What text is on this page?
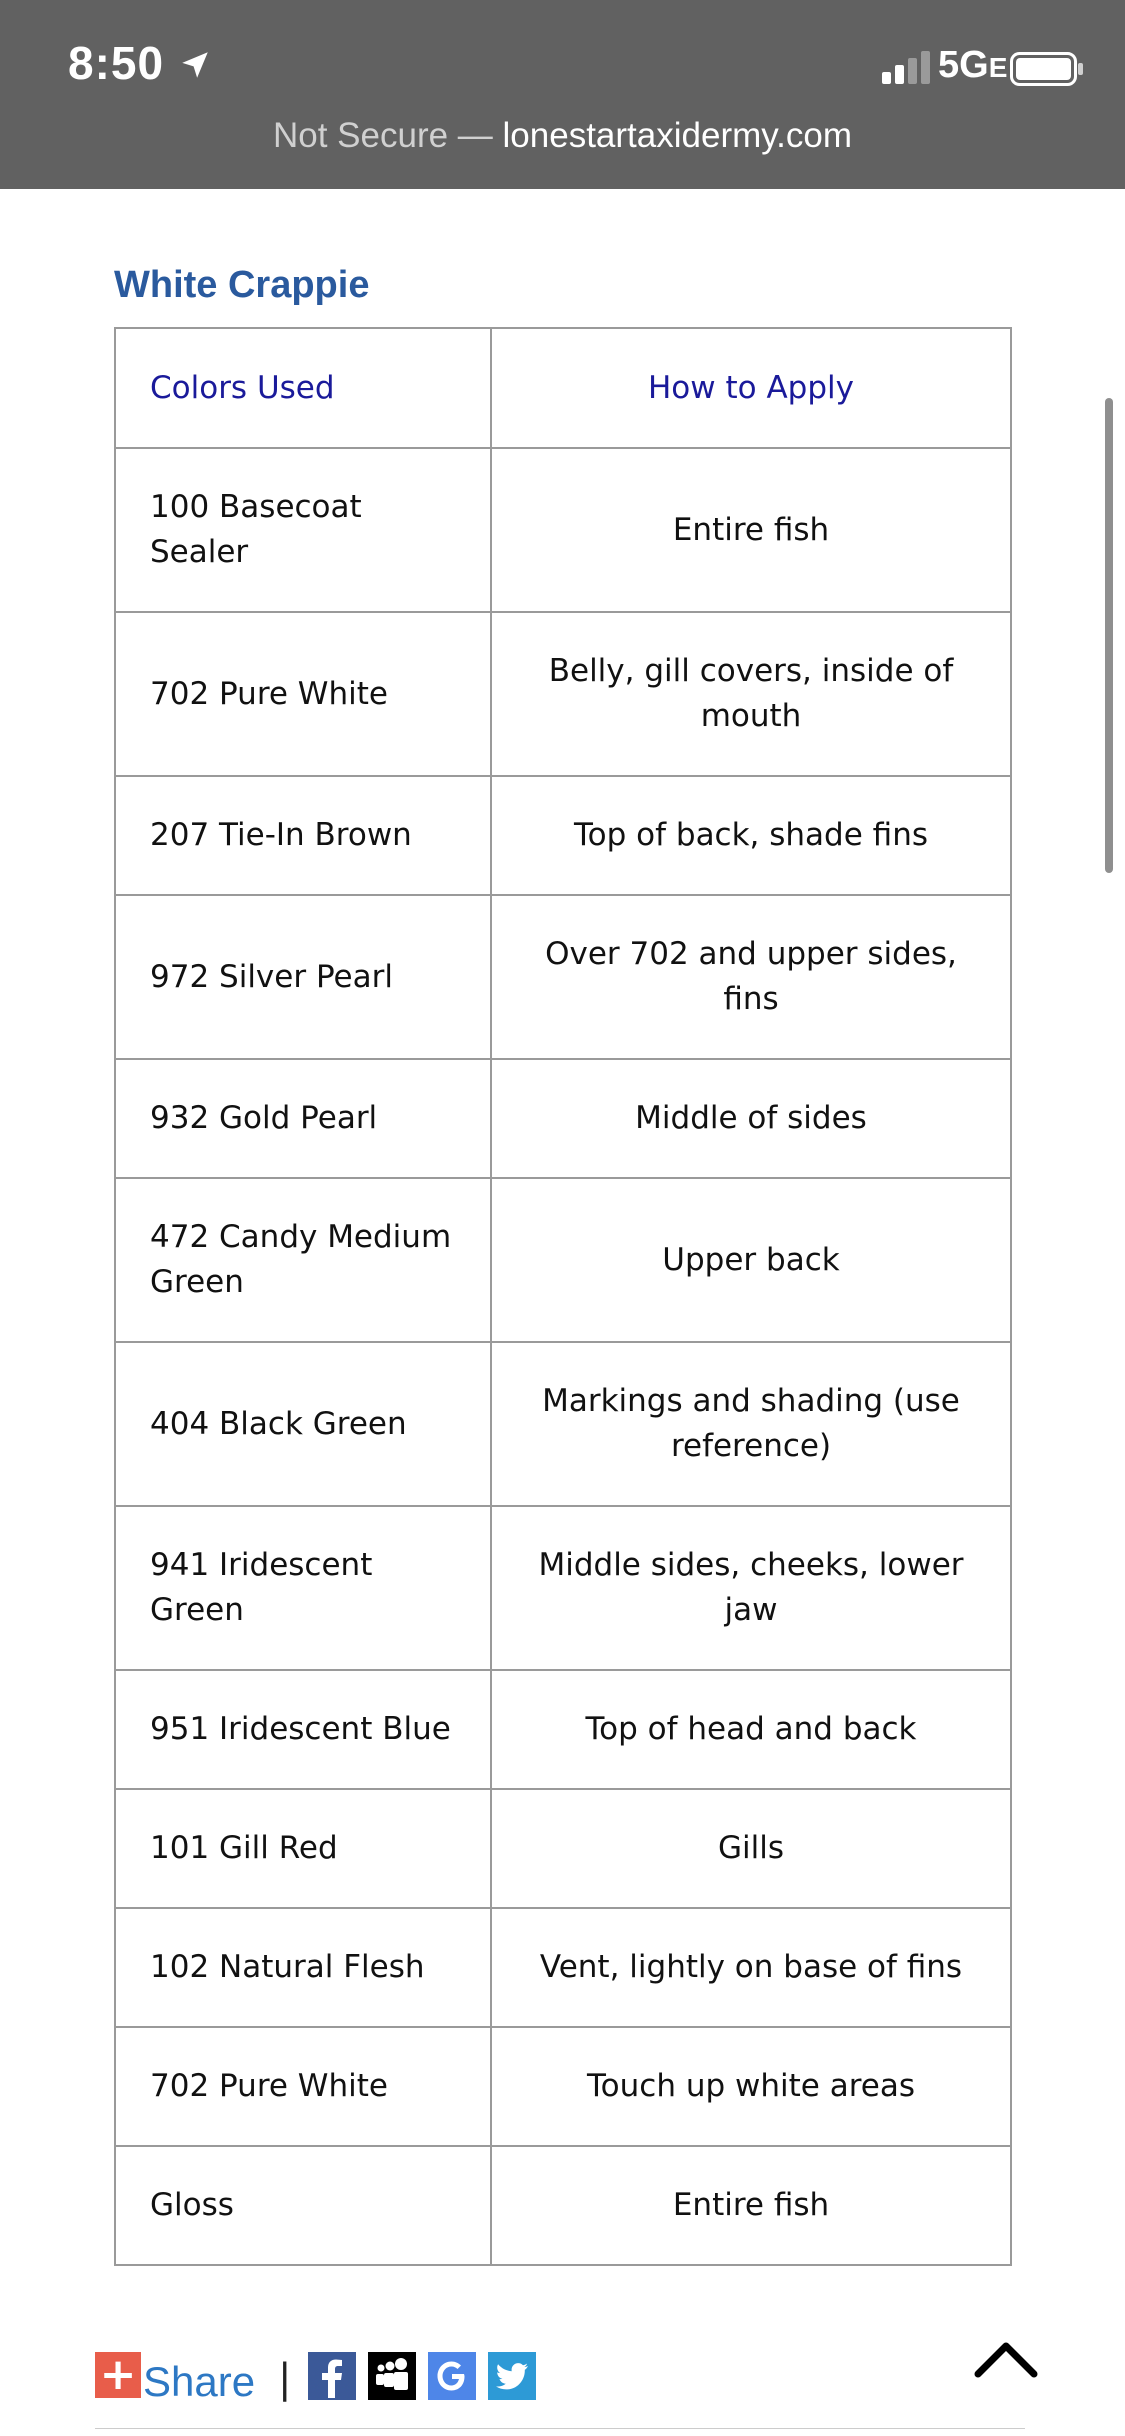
8:50	5GE
Not Secure — lonestartaxidermy.com
White Crappie
Colors Used	How to Apply
100 Basecoat Sealer	Entire fish
702 Pure White	Belly, gill covers, inside of mouth
207 Tie-In Brown	Top of back, shade fins
972 Silver Pearl	Over 702 and upper sides, fins
932 Gold Pearl	Middle of sides
472 Candy Medium Green	Upper back
404 Black Green	Markings and shading (use reference)
941 Iridescent Green	Middle sides, cheeks, lower jaw
951 Iridescent Blue	Top of head and back
101 Gill Red	Gills
102 Natural Flesh	Vent, lightly on base of fins
702 Pure White	Touch up white areas
Gloss	Entire fish
+ Share |
